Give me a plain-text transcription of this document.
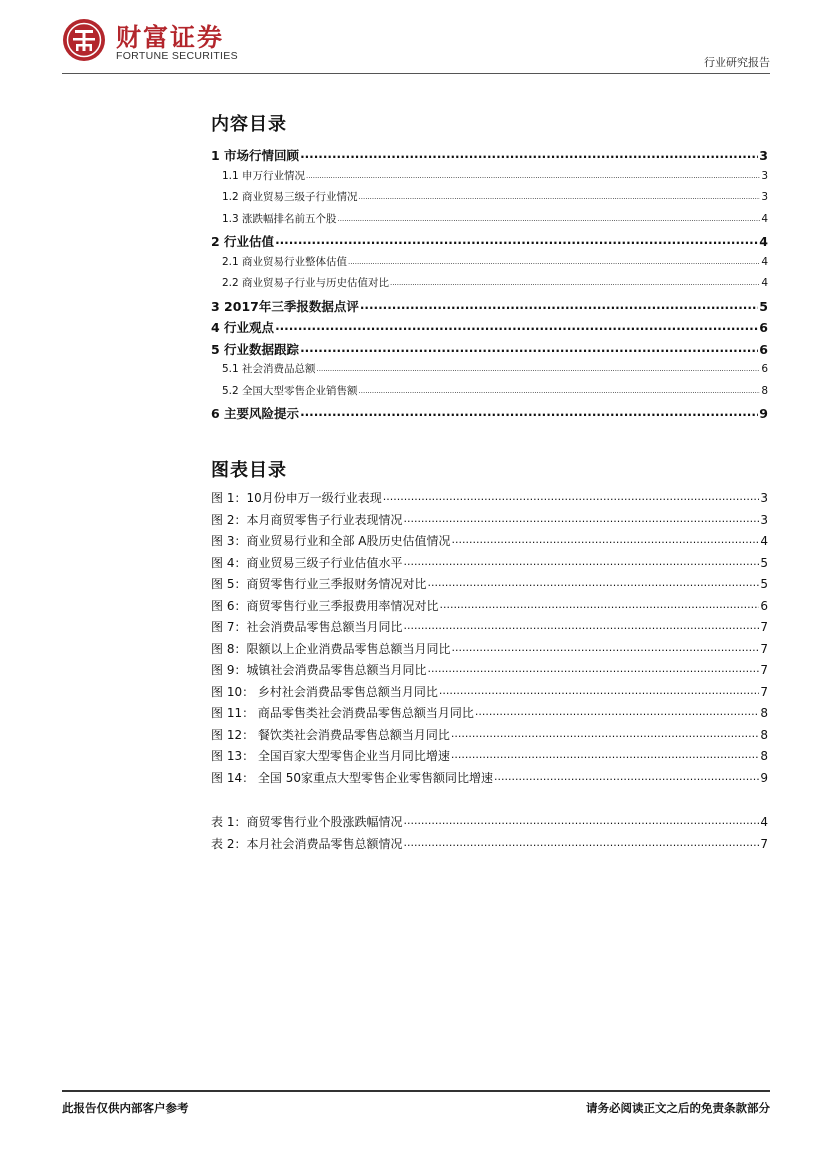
财富证券
FORTUNE SECURITIES	行业研究报告
内容目录
1 市场行情回顾 .....	3
1.1 申万行业情况 .....	3
1.2 商业贸易三级子行业情况 .....	3
1.3 涨跌幅排名前五个股 .....	4
2 行业估值 .....	4
2.1 商业贸易行业整体估值 .....	4
2.2 商业贸易子行业与历史估值对比 .....	4
3 2017年三季报数据点评 .....	5
4 行业观点 .....	6
5 行业数据跟踪 .....	6
5.1 社会消费品总额 .....	6
5.2 全国大型零售企业销售额 .....	8
6 主要风险提示 .....	9
图表目录
图 1：10月份申万一级行业表现 .....	3
图 2：本月商贸零售子行业表现情况 .....	3
图 3：商业贸易行业和全部 A股历史估值情况 .....	4
图 4：商业贸易三级子行业估值水平 .....	5
图 5：商贸零售行业三季报财务情况对比 .....	5
图 6：商贸零售行业三季报费用率情况对比 .....	6
图 7：社会消费品零售总额当月同比 .....	7
图 8：限额以上企业消费品零售总额当月同比 .....	7
图 9：城镇社会消费品零售总额当月同比 .....	7
图 10： 乡村社会消费品零售总额当月同比 .....	7
图 11： 商品零售类社会消费品零售总额当月同比 .....	8
图 12： 餐饮类社会消费品零售总额当月同比 .....	8
图 13： 全国百家大型零售企业当月同比增速 .....	8
图 14： 全国 50家重点大型零售企业零售额同比增速 .....	9
表 1：商贸零售行业个股涨跌幅情况 .....	4
表 2：本月社会消费品零售总额情况 .....	7
此报告仅供内部客户参考	请务必阅读正文之后的免责条款部分
